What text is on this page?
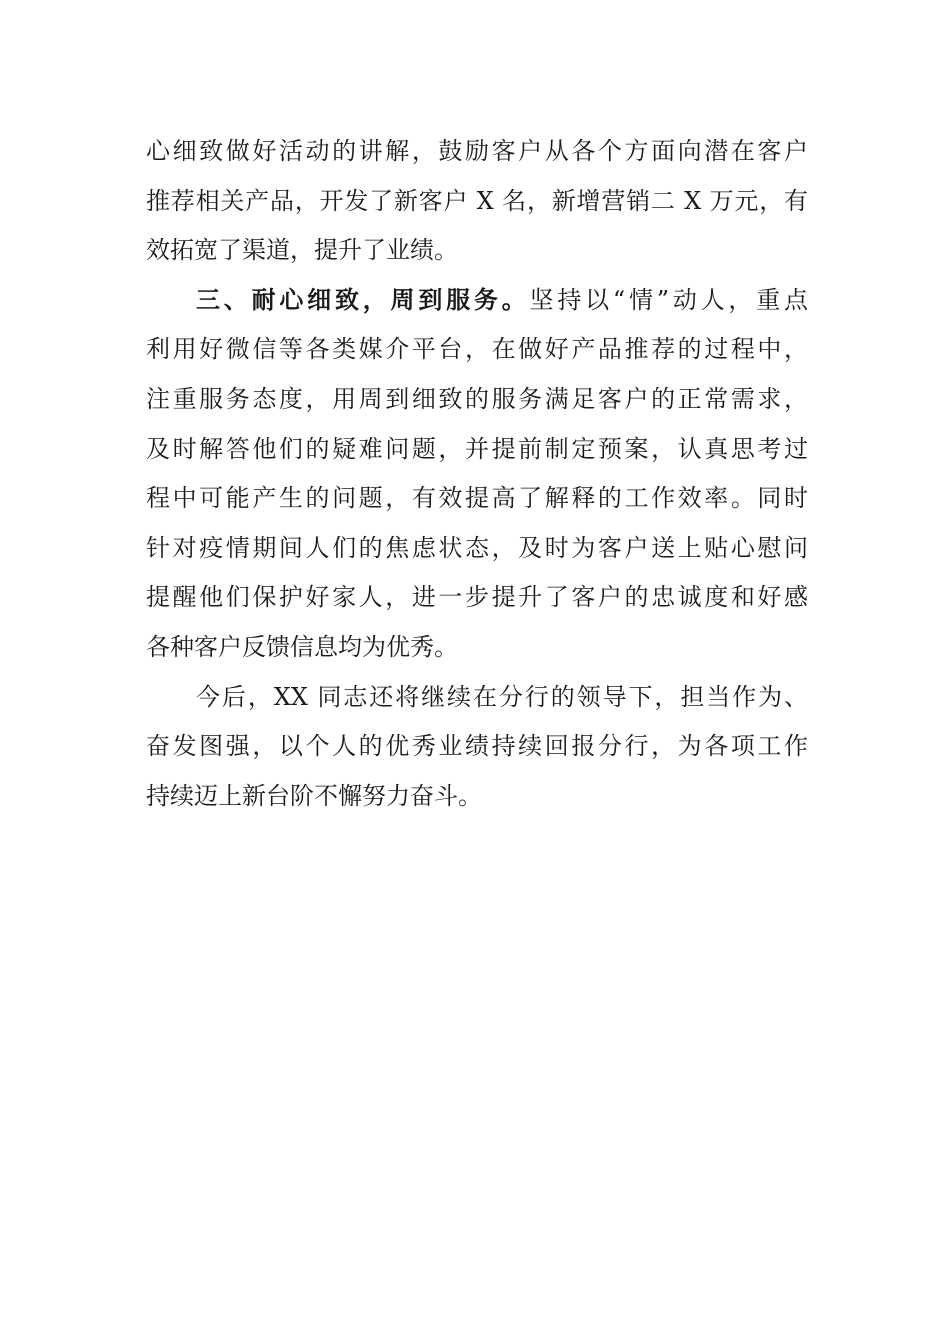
心细致做好活动的讲解，鼓励客户从各个方面向潜在客户
推荐相关产品，开发了新客户 X 名，新增营销二 X 万元，有
效拓宽了渠道，提升了业绩。
三、耐心细致，周到服务。坚持以“情”动人，重点
利用好微信等各类媒介平台，在做好产品推荐的过程中，
注重服务态度，用周到细致的服务满足客户的正常需求，
及时解答他们的疑难问题，并提前制定预案，认真思考过
程中可能产生的问题，有效提高了解释的工作效率。同时
针对疫情期间人们的焦虑状态，及时为客户送上贴心慰问
提醒他们保护好家人，进一步提升了客户的忠诚度和好感
各种客户反馈信息均为优秀。
今后，XX 同志还将继续在分行的领导下，担当作为、
奋发图强，以个人的优秀业绩持续回报分行，为各项工作
持续迈上新台阶不懈努力奋斗。
